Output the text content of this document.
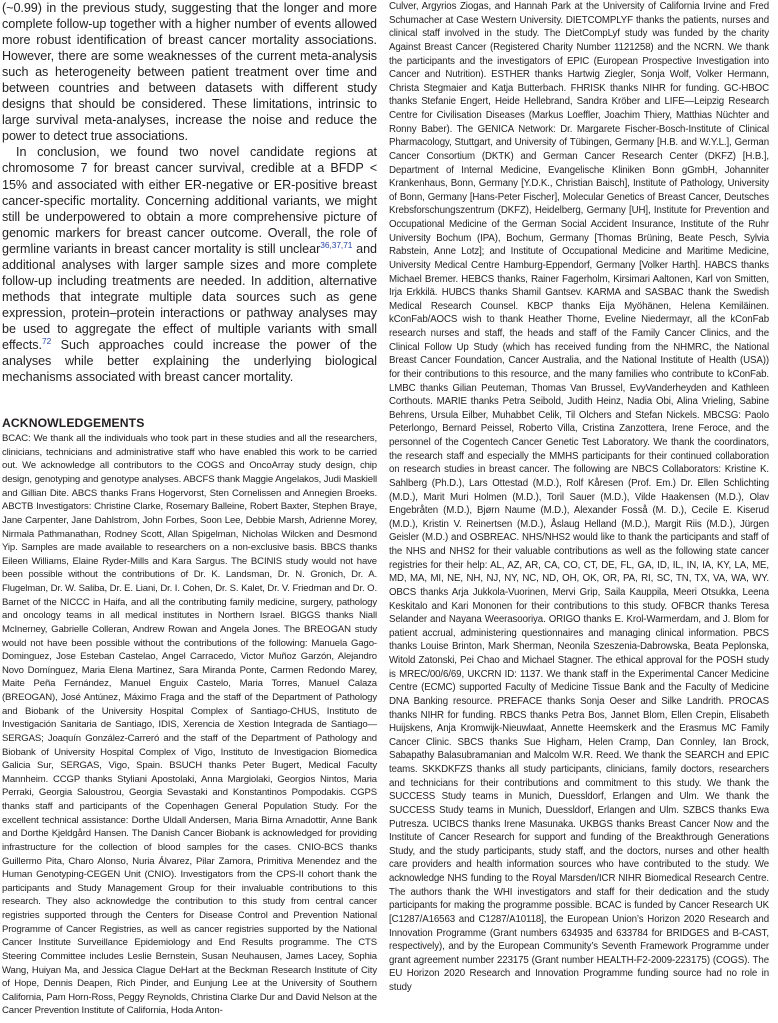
(~0.99) in the previous study, suggesting that the longer and more complete follow-up together with a higher number of events allowed more robust identification of breast cancer mortality associations. However, there are some weaknesses of the current meta-analysis such as heterogeneity between patient treatment over time and between countries and between datasets with different study designs that should be considered. These limitations, intrinsic to large survival meta-analyses, increase the noise and reduce the power to detect true associations.

In conclusion, we found two novel candidate regions at chromosome 7 for breast cancer survival, credible at a BFDP < 15% and associated with either ER-negative or ER-positive breast cancer-specific mortality. Concerning additional variants, we might still be underpowered to obtain a more comprehensive picture of genomic markers for breast cancer outcome. Overall, the role of germline variants in breast cancer mortality is still unclear$^{36,37,71}$ and additional analyses with larger sample sizes and more complete follow-up including treatments are needed. In addition, alternative methods that integrate multiple data sources such as gene expression, protein–protein interactions or pathway analyses may be used to aggregate the effect of multiple variants with small effects.$^{72}$ Such approaches could increase the power of the analyses while better explaining the underlying biological mechanisms associated with breast cancer mortality.

ACKNOWLEDGEMENTS

BCAC: We thank all the individuals who took part in these studies and all the researchers, clinicians, technicians and administrative staff who have enabled this work to be carried out. We acknowledge all contributors to the COGS and OncoArray study design, chip design, genotyping and genotype analyses. ABCFS thank Maggie Angelakos, Judi Maskiell and Gillian Dite. ABCS thanks Frans Hogervorst, Sten Cornelissen and Annegien Broeks. ABCTB Investigators: Christine Clarke, Rosemary Balleine, Robert Baxter, Stephen Braye, Jane Carpenter, Jane Dahlstrom, John Forbes, Soon Lee, Debbie Marsh, Adrienne Morey, Nirmala Pathmanathan, Rodney Scott, Allan Spigelman, Nicholas Wilcken and Desmond Yip. Samples are made available to researchers on a non-exclusive basis. BBCS thanks Eileen Williams, Elaine Ryder-Mills and Kara Sargus. The BCINIS study would not have been possible without the contributions of Dr. K. Landsman, Dr. N. Gronich, Dr. A. Flugelman, Dr. W. Saliba, Dr. E. Liani, Dr. I. Cohen, Dr. S. Kalet, Dr. V. Friedman and Dr. O. Barnet of the NICCC in Haifa, and all the contributing family medicine, surgery, pathology and oncology teams in all medical institutes in Northern Israel. BIGGS thanks Niall McInerney, Gabrielle Colleran, Andrew Rowan and Angela Jones. The BREOGAN study would not have been possible without the contributions of the following: Manuela Gago-Dominguez, Jose Esteban Castelao, Angel Carracedo, Victor Muñoz Garzón, Alejandro Novo Domínguez, Maria Elena Martinez, Sara Miranda Ponte, Carmen Redondo Marey, Maite Peña Fernández, Manuel Enguix Castelo, Maria Torres, Manuel Calaza (BREOGAN), José Antúnez, Máximo Fraga and the staff of the Department of Pathology and Biobank of the University Hospital Complex of Santiago-CHUS, Instituto de Investigación Sanitaria de Santiago, IDIS, Xerencia de Xestion Integrada de Santiago—SERGAS; Joaquín González-Carreró and the staff of the Department of Pathology and Biobank of University Hospital Complex of Vigo, Instituto de Investigacion Biomedica Galicia Sur, SERGAS, Vigo, Spain. BSUCH thanks Peter Bugert, Medical Faculty Mannheim. CCGP thanks Styliani Apostolaki, Anna Margiolaki, Georgios Nintos, Maria Perraki, Georgia Saloustrou, Georgia Sevastaki and Konstantinos Pompodakis. CGPS thanks staff and participants of the Copenhagen General Population Study. For the excellent technical assistance: Dorthe Uldall Andersen, Maria Birna Arnadottir, Anne Bank and Dorthe Kjeldgård Hansen. The Danish Cancer Biobank is acknowledged for providing infrastructure for the collection of blood samples for the cases. CNIO-BCS thanks Guillermo Pita, Charo Alonso, Nuria Álvarez, Pilar Zamora, Primitiva Menendez and the Human Genotyping-CEGEN Unit (CNIO). Investigators from the CPS-II cohort thank the participants and Study Management Group for their invaluable contributions to this research. They also acknowledge the contribution to this study from central cancer registries supported through the Centers for Disease Control and Prevention National Programme of Cancer Registries, as well as cancer registries supported by the National Cancer Institute Surveillance Epidemiology and End Results programme. The CTS Steering Committee includes Leslie Bernstein, Susan Neuhausen, James Lacey, Sophia Wang, Huiyan Ma, and Jessica Clague DeHart at the Beckman Research Institute of City of Hope, Dennis Deapen, Rich Pinder, and Eunjung Lee at the University of Southern California, Pam Horn-Ross, Peggy Reynolds, Christina Clarke Dur and David Nelson at the Cancer Prevention Institute of California, Hoda Anton-

Culver, Argyrios Ziogas, and Hannah Park at the University of California Irvine and Fred Schumacher at Case Western University. DIETCOMPLYF thanks the patients, nurses and clinical staff involved in the study. The DietCompLyf study was funded by the charity Against Breast Cancer (Registered Charity Number 1121258) and the NCRN. We thank the participants and the investigators of EPIC (European Prospective Investigation into Cancer and Nutrition). ESTHER thanks Hartwig Ziegler, Sonja Wolf, Volker Hermann, Christa Stegmaier and Katja Butterbach. FHRISK thanks NIHR for funding. GC-HBOC thanks Stefanie Engert, Heide Hellebrand, Sandra Kröber and LIFE—Leipzig Research Centre for Civilisation Diseases (Markus Loeffler, Joachim Thiery, Matthias Nüchter and Ronny Baber). The GENICA Network: Dr. Margarete Fischer-Bosch-Institute of Clinical Pharmacology, Stuttgart, and University of Tübingen, Germany [H.B. and W.Y.L.], German Cancer Consortium (DKTK) and German Cancer Research Center (DKFZ) [H.B.], Department of Internal Medicine, Evangelische Kliniken Bonn gGmbH, Johanniter Krankenhaus, Bonn, Germany [Y.D.K., Christian Baisch], Institute of Pathology, University of Bonn, Germany [Hans-Peter Fischer], Molecular Genetics of Breast Cancer, Deutsches Krebsforschungszentrum (DKFZ), Heidelberg, Germany [UH], Institute for Prevention and Occupational Medicine of the German Social Accident Insurance, Institute of the Ruhr University Bochum (IPA), Bochum, Germany [Thomas Brüning, Beate Pesch, Sylvia Rabstein, Anne Lotz]; and Institute of Occupational Medicine and Maritime Medicine, University Medical Centre Hamburg-Eppendorf, Germany [Volker Harth]. HABCS thanks Michael Bremer. HEBCS thanks, Rainer Fagerholm, Kirsimari Aaltonen, Karl von Smitten, Irja Erkkilä. HUBCS thanks Shamil Gantsev. KARMA and SASBAC thank the Swedish Medical Research Counsel. KBCP thanks Eija Myöhänen, Helena Kemiläinen. kConFab/AOCS wish to thank Heather Thorne, Eveline Niedermayr, all the kConFab research nurses and staff, the heads and staff of the Family Cancer Clinics, and the Clinical Follow Up Study (which has received funding from the NHMRC, the National Breast Cancer Foundation, Cancer Australia, and the National Institute of Health (USA)) for their contributions to this resource, and the many families who contribute to kConFab. LMBC thanks Gilian Peuteman, Thomas Van Brussel, EvyVanderheyden and Kathleen Corthouts. MARIE thanks Petra Seibold, Judith Heinz, Nadia Obi, Alina Vrieling, Sabine Behrens, Ursula Eilber, Muhabbet Celik, Til Olchers and Stefan Nickels. MBCSG: Paolo Peterlongo, Bernard Peissel, Roberto Villa, Cristina Zanzottera, Irene Feroce, and the personnel of the Cogentech Cancer Genetic Test Laboratory. We thank the coordinators, the research staff and especially the MMHS participants for their continued collaboration on research studies in breast cancer. The following are NBCS Collaborators: Kristine K. Sahlberg (Ph.D.), Lars Ottestad (M.D.), Rolf Kåresen (Prof. Em.) Dr. Ellen Schlichting (M.D.), Marit Muri Holmen (M.D.), Toril Sauer (M.D.), Vilde Haakensen (M.D.), Olav Engebråten (M.D.), Bjørn Naume (M.D.), Alexander Fosså (M. D.), Cecile E. Kiserud (M.D.), Kristin V. Reinertsen (M.D.), Åslaug Helland (M.D.), Margit Riis (M.D.), Jürgen Geisler (M.D.) and OSBREAC. NHS/NHS2 would like to thank the participants and staff of the NHS and NHS2 for their valuable contributions as well as the following state cancer registries for their help: AL, AZ, AR, CA, CO, CT, DE, FL, GA, ID, IL, IN, IA, KY, LA, ME, MD, MA, MI, NE, NH, NJ, NY, NC, ND, OH, OK, OR, PA, RI, SC, TN, TX, VA, WA, WY. OBCS thanks Arja Jukkola-Vuorinen, Mervi Grip, Saila Kauppila, Meeri Otsukka, Leena Keskitalo and Kari Mononen for their contributions to this study. OFBCR thanks Teresa Selander and Nayana Weerasooriya. ORIGO thanks E. Krol-Warmerdam, and J. Blom for patient accrual, administering questionnaires and managing clinical information. PBCS thanks Louise Brinton, Mark Sherman, Neonila Szeszenia-Dabrowska, Beata Peplonska, Witold Zatonski, Pei Chao and Michael Stagner. The ethical approval for the POSH study is MREC/00/6/69, UKCRN ID: 1137. We thank staff in the Experimental Cancer Medicine Centre (ECMC) supported Faculty of Medicine Tissue Bank and the Faculty of Medicine DNA Banking resource. PREFACE thanks Sonja Oeser and Silke Landrith. PROCAS thanks NIHR for funding. RBCS thanks Petra Bos, Jannet Blom, Ellen Crepin, Elisabeth Huijskens, Anja Kromwijk-Nieuwlaat, Annette Heemskerk and the Erasmus MC Family Cancer Clinic. SBCS thanks Sue Higham, Helen Cramp, Dan Connley, Ian Brock, Sabapathy Balasubramanian and Malcolm W.R. Reed. We thank the SEARCH and EPIC teams. SKKDKFZS thanks all study participants, clinicians, family doctors, researchers and technicians for their contributions and commitment to this study. We thank the SUCCESS Study teams in Munich, Duessldorf, Erlangen and Ulm. We thank the SUCCESS Study teams in Munich, Duessldorf, Erlangen and Ulm. SZBCS thanks Ewa Putresza. UCIBCS thanks Irene Masunaka. UKBGS thanks Breast Cancer Now and the Institute of Cancer Research for support and funding of the Breakthrough Generations Study, and the study participants, study staff, and the doctors, nurses and other health care providers and health information sources who have contributed to the study. We acknowledge NHS funding to the Royal Marsden/ICR NIHR Biomedical Research Centre. The authors thank the WHI investigators and staff for their dedication and the study participants for making the programme possible. BCAC is funded by Cancer Research UK [C1287/A16563 and C1287/A10118], the European Union’s Horizon 2020 Research and Innovation Programme (Grant numbers 634935 and 633784 for BRIDGES and B-CAST, respectively), and by the European Community’s Seventh Framework Programme under grant agreement number 223175 (Grant number HEALTH-F2-2009-223175) (COGS). The EU Horizon 2020 Research and Innovation Programme funding source had no role in study
